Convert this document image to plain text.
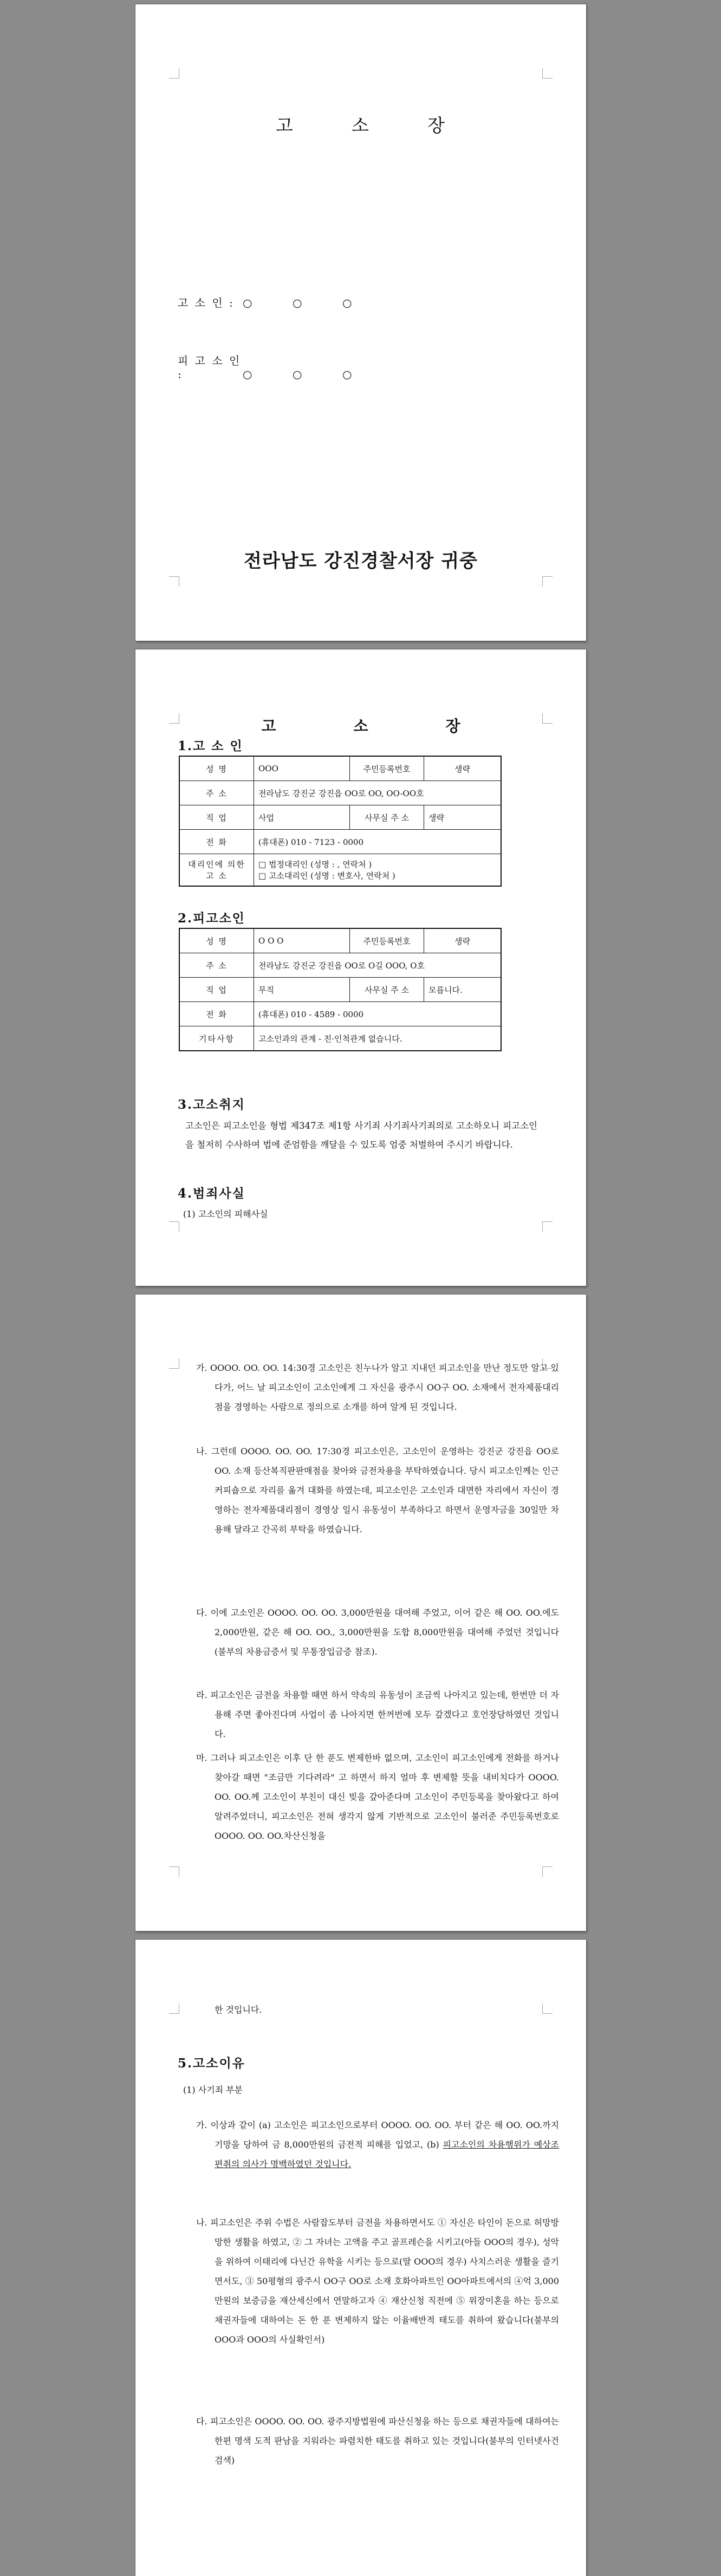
고	소	장
고 소 인 : ○	○	○
피 고 소 인 :	○	○	○
전라남도 강진경찰서장 귀중
고	소	장
1.고 소 인
성 명	OOO	주민등록번호	생략
주 소	전라남도 강진군 강진읍 OO로 OO, OO-OO호		
직 업	사업	사무실 주 소	생략
전 화	(휴대폰) 010 - 7123 - 0000		
대리인에 의한 고 소	□ 법정대리인 (성명 : , 연락처 )
□ 고소대리인 (성명 : 변호사, 연락처 )		
2.피고소인
성 명	O O O	주민등록번호	생략
주 소	전라남도 강진군 강진읍 OO로 O길 OOO, O호		
직 업	무직	사무실 주 소	모릅니다.
전 화	(휴대폰) 010 - 4589 - 0000		
기타사항	고소인과의 관계 - 친·인척관계 없습니다.		
3.고소취지
고소인은 피고소인을 형법 제347조 제1항 사기죄 사기죄사기죄의로 고소하오니 피고소인을 철저히 수사하여 법에 준엄함을 깨달을 수 있도록 엄중 처벌하여 주시기 바랍니다.
4.범죄사실
(1) 고소인의 피해사실
가. OOOO. OO. OO. 14:30경 고소인은 친누나가 알고 지내던 피고소인을 만난 정도만 알고 있다가, 어느 날 피고소인이 고소인에게 그 자신을 광주시 OO구 OO. 소재에서 전자제품대리점을 경영하는 사람으로 정의으로 소개를 하여 알게 된 것입니다.
나. 그런데 OOOO. OO. OO. 17:30경 피고소인은, 고소인이 운영하는 강진군 강진읍 OO로 OO. 소재 등산복직판판매점을 찾아와 금전차용을 부탁하였습니다. 당시 피고소인께는 인근 커피숍으로 자리를 옮겨 대화를 하였는데, 피고소인은 고소인과 대면한 자리에서 자신이 경영하는 전자제품대리점이 경영상 일시 유동성이 부족하다고 하면서 운영자금을 30일만 차용해 달라고 간곡히 부탁을 하였습니다.
다. 이에 고소인은 OOOO. OO. OO. 3,000만원을 대여해 주었고, 이어 같은 해 OO. OO.에도 2,000만원, 같은 해 OO. OO., 3,000만원을 도합 8,000만원을 대여해 주었던 것입니다(불부의 차용금증서 및 무통장입금증 참조).
라. 피고소인은 금전을 차용할 때면 하서 약속의 유동성이 조금씩 나아지고 있는데, 한번만 더 자용해 주면 좋아진다며 사업이 좀 나아지면 한꺼번에 모두 갚겠다고 호언장담하였던 것입니다.
마. 그러나 피고소인은 이후 단 한 푼도 변제한바 없으며, 고소인이 피고소인에게 전화를 하거나 찾아갈 때면 "조금만 기다려라" 고 하면서 하지 얼마 후 변제할 뜻을 내비치다가 OOOO. OO. OO.께 고소인이 부친이 대신 빚을 갚아준다며 고소인이 주민등록을 찾아왔다고 하여 알려주었더니, 피고소인은 전혀 생각지 않게 기반적으로 고소인이 불러준 주민등록번호로 OOOO. OO. OO.차산신청을
한 것입니다.
5.고소이유
(1) 사기죄 부분
가. 이상과 같이 (a) 고소인은 피고소인으로부터 OOOO. OO. OO. 부터 같은 해 OO. OO.까지 기망을 당하여 금 8,000만원의 금전적 피해를 입었고, (b) 피고소인의 차용행위가 예상조 편취의 의사가 명백하였던 것입니다.
나. 피고소인은 주위 수법은 사람잡도부터 금전을 차용하면서도 ① 자신은 타인이 돈으로 허망방망한 생활을 하였고, ② 그 자녀는 고액을 주고 골프레슨을 시키고(아들 OOO의 경우), 성악을 위하여 이태리에 다닌간 유학을 시키는 등으로(딸 OOO의 경우) 사치스러운 생활을 즐기면서도, ③ 50평형의 광주시 OO구 OO로 소재 호화아파트인 OO아파트에서의 ④억 3,000만원의 보증금을 재산세신에서 연말하고자 ④ 재산신청 직전에 ⑤ 위장이혼을 하는 등으로 채권자들에 대하여는 돈 한 푼 변제하지 않는 이율배반적 태도를 취하여 왔습니다(불부의 OOO과 OOO의 사실확인서)
다. 피고소인은 OOOO. OO. OO. 광주지방법원에 파산신청을 하는 등으로 채권자들에 대하여는 한편 명색 도적 판남을 지워라는 파렴치한 태도를 취하고 있는 것입니다(불부의 인터넷사건검색)
